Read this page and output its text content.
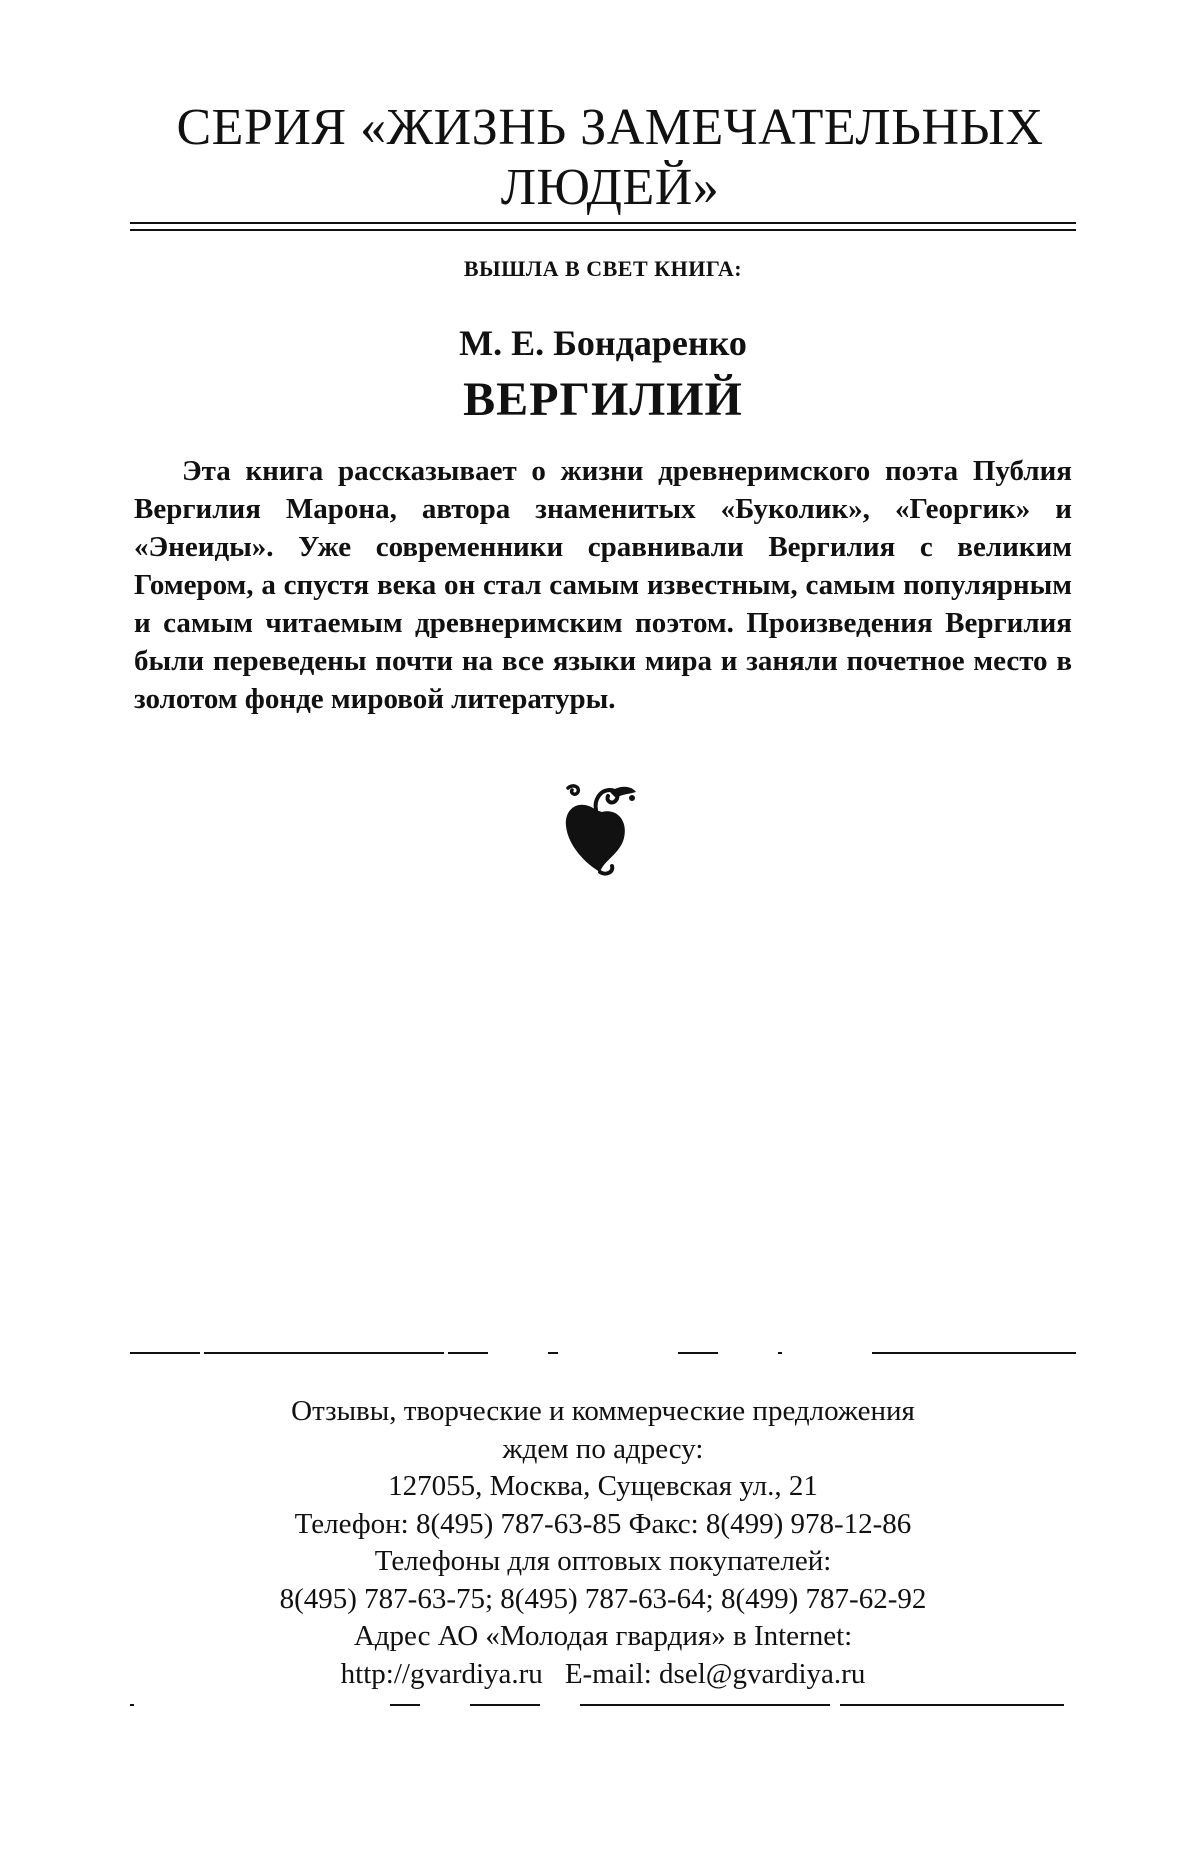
СЕРИЯ «ЖИЗНЬ ЗАМЕЧАТЕЛЬНЫХ
ЛЮДЕЙ»

ВЫШЛА В СВЕТ КНИГА:

М. Е. Бондаренко

ВЕРГИЛИЙ

Эта книга рассказывает о жизни древнеримского поэта Публия Вергилия Марона, автора знаменитых «Буколик», «Георгик» и «Энеиды». Уже современники сравнивали Вергилия с великим Гомером, а спустя века он стал самым известным, самым популярным и самым читаемым древнеримским поэтом. Произведения Вергилия были переведены почти на все языки мира и заняли почетное место в золотом фонде мировой литературы.

Отзывы, творческие и коммерческие предложения
ждем по адресу:
127055, Москва, Сущевская ул., 21
Телефон: 8(495) 787-63-85 Факс: 8(499) 978-12-86
Телефоны для оптовых покупателей:
8(495) 787-63-75; 8(495) 787-63-64; 8(499) 787-62-92
Адрес АО «Молодая гвардия» в Internet:
http://gvardiya.ru E-mail: dsel@gvardiya.ru
